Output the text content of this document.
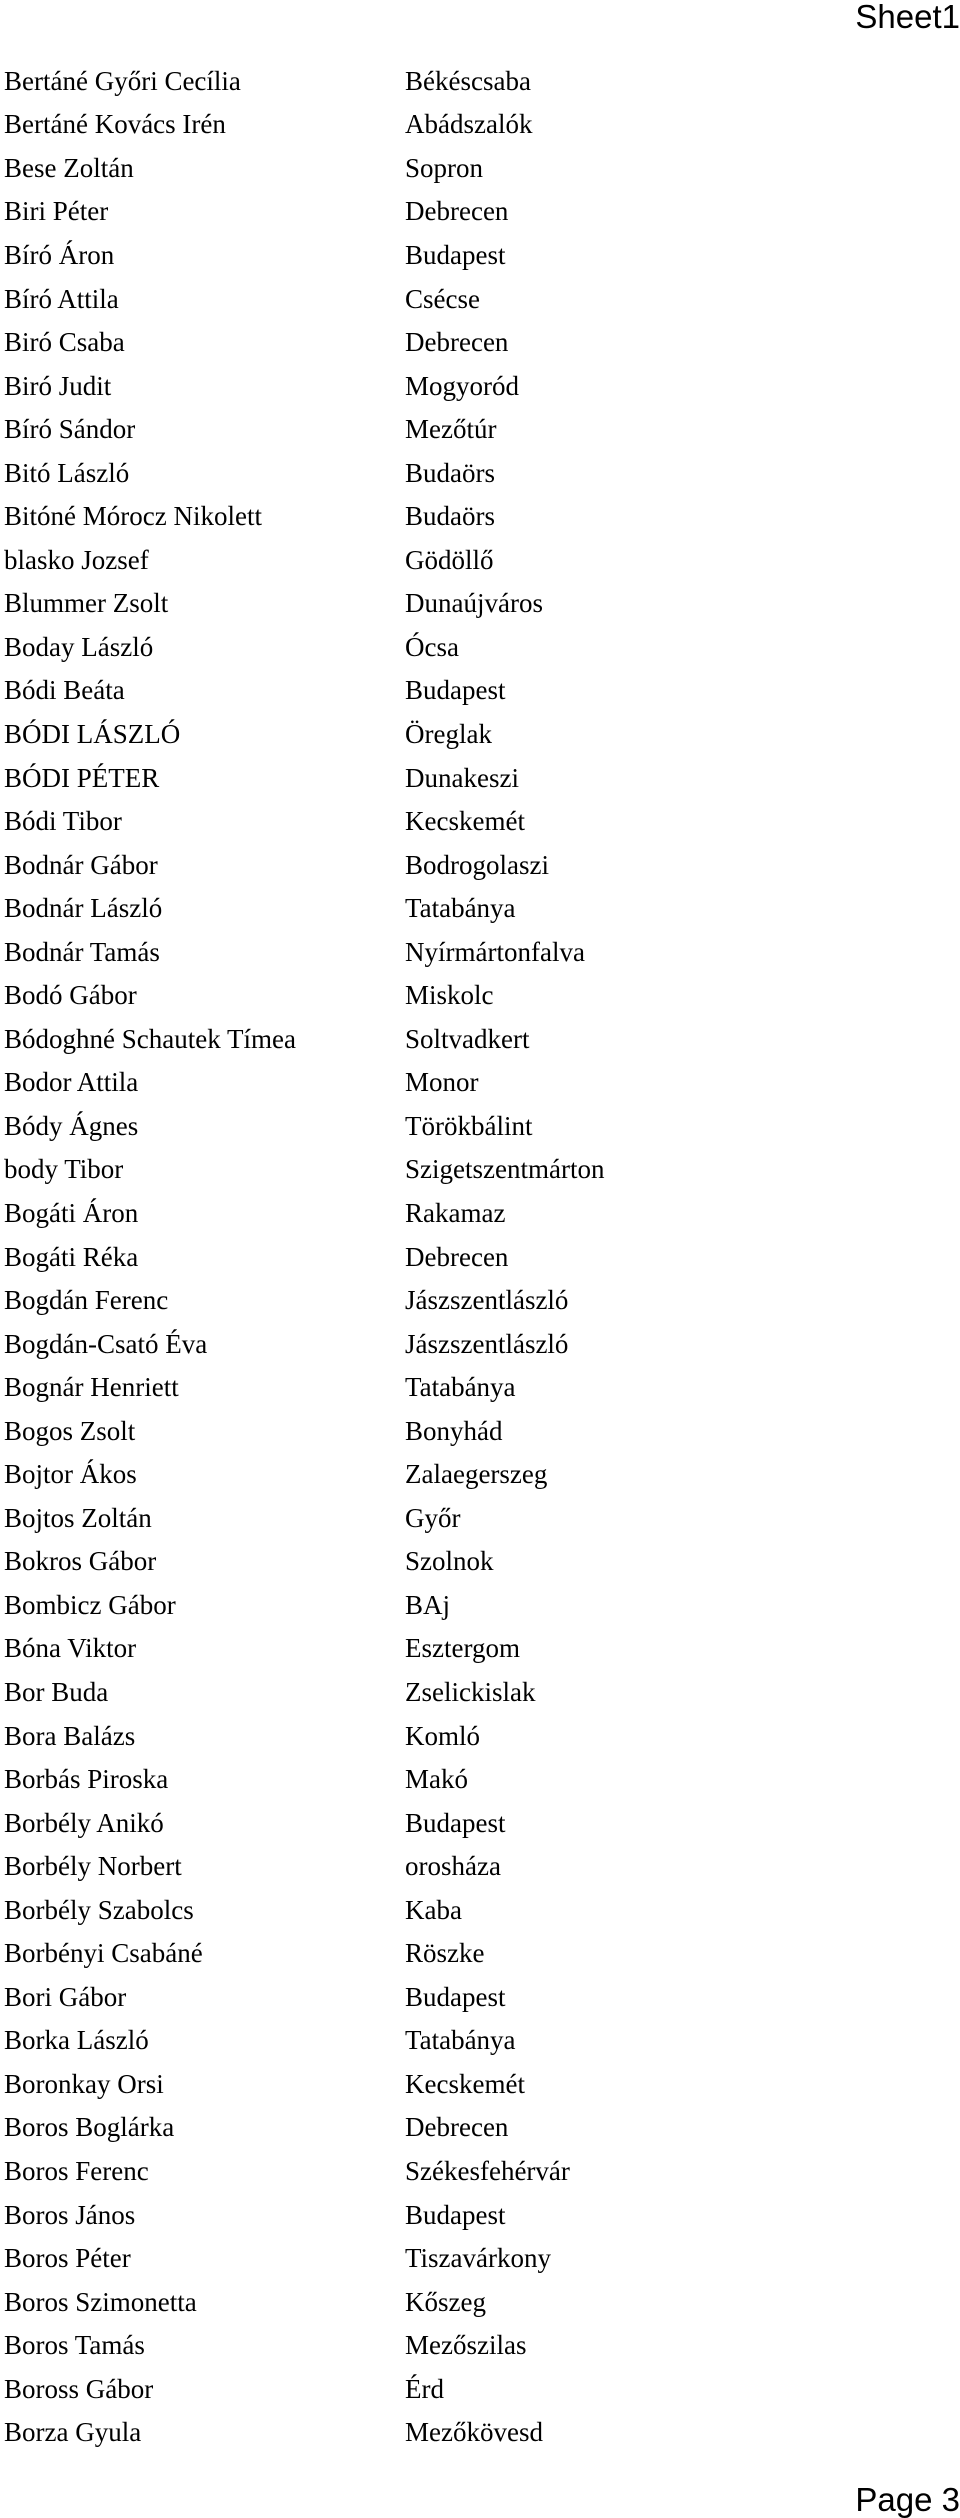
Sheet1
Bertáné Győri Cecília	Békéscsaba
Bertáné Kovács Irén	Abádszalók
Bese Zoltán	Sopron
Biri Péter	Debrecen
Bíró Áron	Budapest
Bíró Attila	Csécse
Biró Csaba	Debrecen
Biró Judit	Mogyoród
Bíró Sándor	Mezőtúr
Bitó László	Budaörs
Bitóné Mórocz Nikolett	Budaörs
blasko Jozsef	Gödöllő
Blummer Zsolt	Dunaújváros
Boday László	Ócsa
Bódi Beáta	Budapest
BÓDI LÁSZLÓ	Öreglak
BÓDI PÉTER	Dunakeszi
Bódi Tibor	Kecskemét
Bodnár Gábor	Bodrogolaszi
Bodnár László	Tatabánya
Bodnár Tamás	Nyírmártonfalva
Bodó Gábor	Miskolc
Bódoghné Schautek Tímea	Soltvadkert
Bodor Attila	Monor
Bódy Ágnes	Törökbálint
body Tibor	Szigetszentmárton
Bogáti Áron	Rakamaz
Bogáti Réka	Debrecen
Bogdán Ferenc	Jászszentlászló
Bogdán-Csató Éva	Jászszentlászló
Bognár Henriett	Tatabánya
Bogos Zsolt	Bonyhád
Bojtor Ákos	Zalaegerszeg
Bojtos Zoltán	Győr
Bokros Gábor	Szolnok
Bombicz Gábor	BAj
Bóna Viktor	Esztergom
Bor Buda	Zselickislak
Bora Balázs	Komló
Borbás Piroska	Makó
Borbély Anikó	Budapest
Borbély Norbert	orosháza
Borbély Szabolcs	Kaba
Borbényi Csabáné	Röszke
Bori Gábor	Budapest
Borka László	Tatabánya
Boronkay Orsi	Kecskemét
Boros Boglárka	Debrecen
Boros Ferenc	Székesfehérvár
Boros János	Budapest
Boros Péter	Tiszavárkony
Boros Szimonetta	Kőszeg
Boros Tamás	Mezőszilas
Boross Gábor	Érd
Borza Gyula	Mezőkövesd
Page 3
